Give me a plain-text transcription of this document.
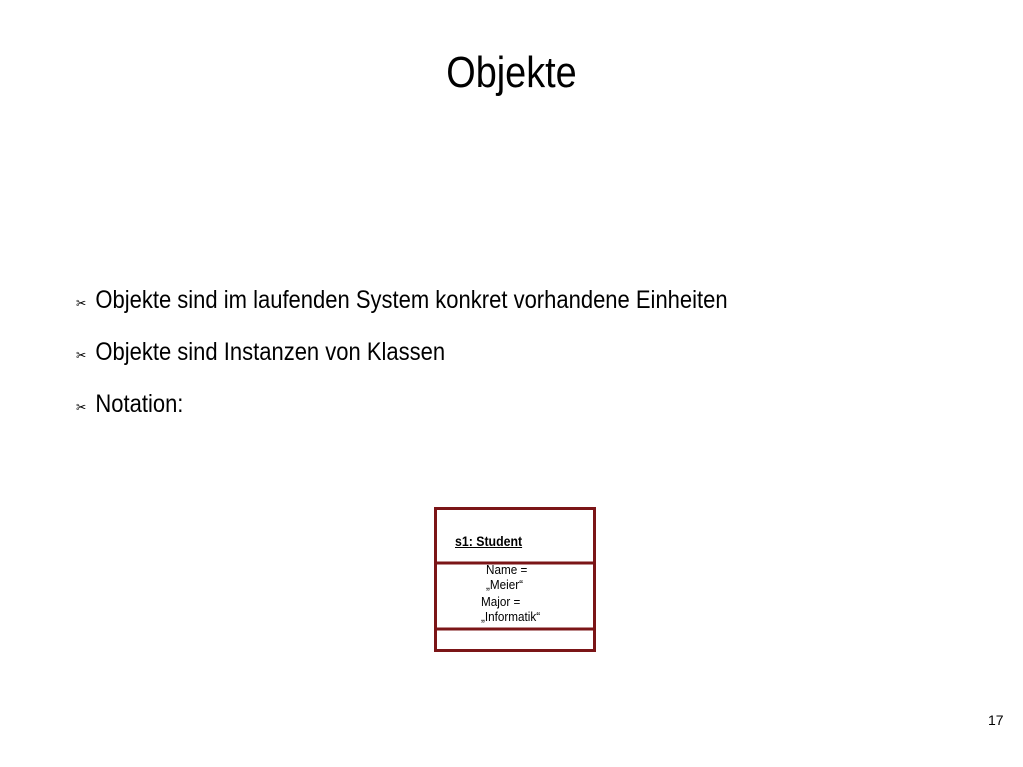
Objekte
✂ Objekte sind im laufenden System konkret vorhandene Einheiten
✂ Objekte sind Instanzen von Klassen
✂ Notation:
s1: Student
Name =
„Meier“
Major =
„Informatik“
17
